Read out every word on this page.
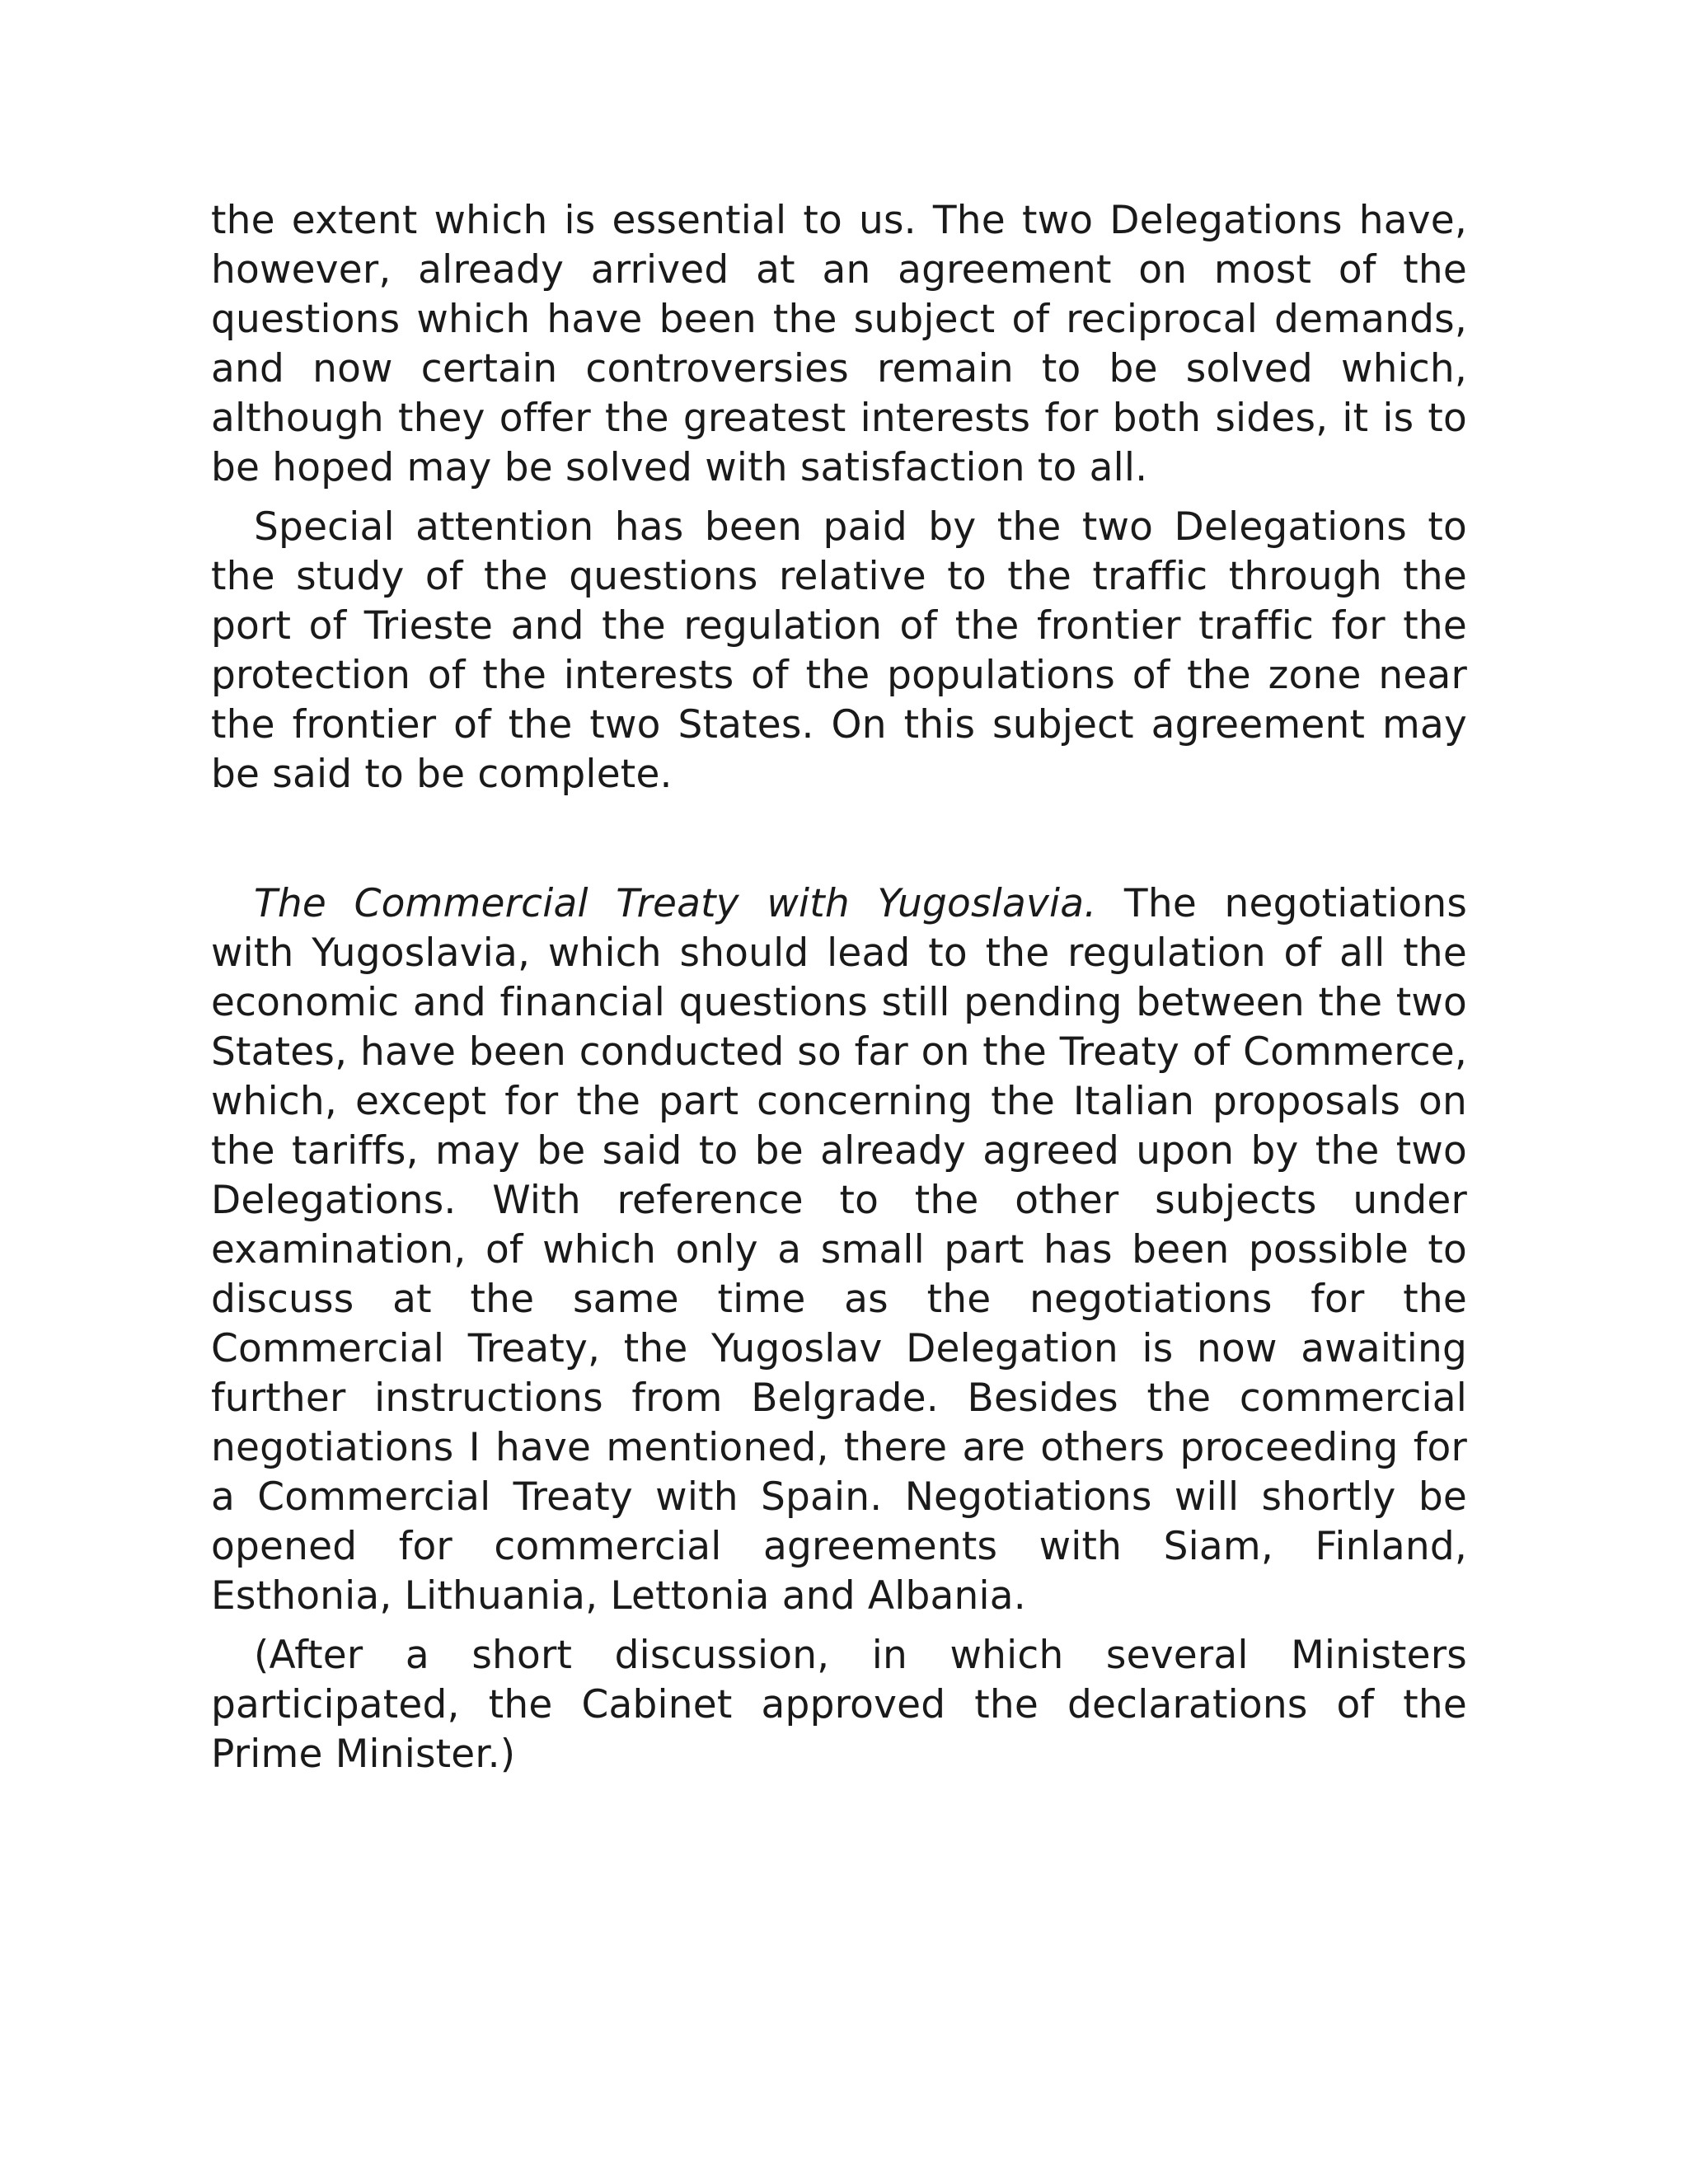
the extent which is essential to us. The two Delegations have, however, already arrived at an agreement on most of the questions which have been the subject of reciprocal demands, and now certain controversies remain to be solved which, although they offer the greatest interests for both sides, it is to be hoped may be solved with satisfaction to all.

Special attention has been paid by the two Delegations to the study of the questions relative to the traffic through the port of Trieste and the regulation of the frontier traffic for the protection of the interests of the populations of the zone near the frontier of the two States. On this subject agreement may be said to be complete.

The Commercial Treaty with Yugoslavia. The negotiations with Yugoslavia, which should lead to the regulation of all the economic and financial questions still pending between the two States, have been conducted so far on the Treaty of Commerce, which, except for the part concerning the Italian proposals on the tariffs, may be said to be already agreed upon by the two Delegations. With reference to the other subjects under examination, of which only a small part has been possible to discuss at the same time as the negotiations for the Commercial Treaty, the Yugoslav Delegation is now awaiting further instructions from Belgrade. Besides the commercial negotiations I have mentioned, there are others proceeding for a Commercial Treaty with Spain. Negotiations will shortly be opened for commercial agreements with Siam, Finland, Esthonia, Lithuania, Lettonia and Albania.

(After a short discussion, in which several Ministers participated, the Cabinet approved the declarations of the Prime Minister.)
